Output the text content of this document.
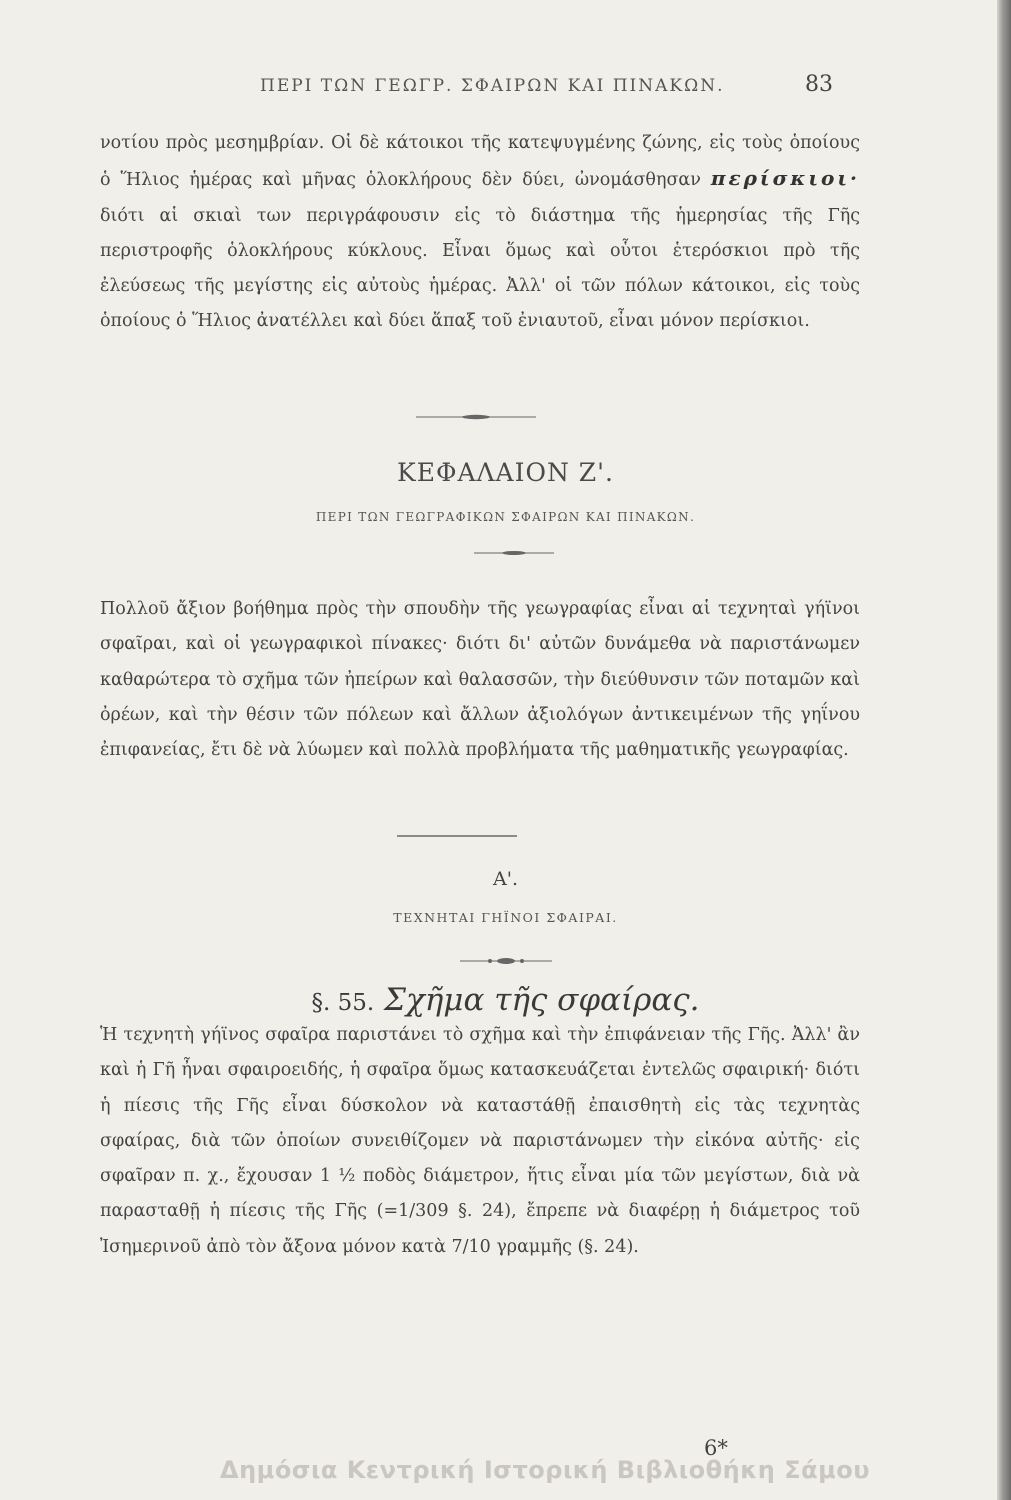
ΠΕΡΙ ΤΩΝ ΓΕΩΓΡ. ΣΦΑΙΡΩΝ ΚΑΙ ΠΙΝΑΚΩΝ.	83

νοτίου πρὸς μεσημβρίαν. Οἱ δὲ κάτοικοι τῆς κατεψυγμένης ζώνης, εἰς τοὺς ὁποίους ὁ Ἥλιος ἡμέρας καὶ μῆνας ὁλοκλήρους δὲν δύει, ὠνομάσθησαν περίσκιοι· διότι αἱ σκιαὶ των περιγράφουσιν εἰς τὸ διάστημα τῆς ἡμερησίας τῆς Γῆς περιστροφῆς ὁλοκλήρους κύκλους. Εἶναι ὅμως καὶ οὗτοι ἑτερόσκιοι πρὸ τῆς ἐλεύσεως τῆς μεγίστης εἰς αὐτοὺς ἡμέρας. Ἀλλ' οἱ τῶν πόλων κάτοικοι, εἰς τοὺς ὁποίους ὁ Ἥλιος ἀνατέλλει καὶ δύει ἅπαξ τοῦ ἐνιαυτοῦ, εἶναι μόνον περίσκιοι.

ΚΕΦΑΛΑΙΟΝ Ζ'.
ΠΕΡΙ ΤΩΝ ΓΕΩΓΡΑΦΙΚΩΝ ΣΦΑΙΡΩΝ ΚΑΙ ΠΙΝΑΚΩΝ.

Πολλοῦ ἄξιον βοήθημα πρὸς τὴν σπουδὴν τῆς γεωγραφίας εἶναι αἱ τεχνηταὶ γήϊνοι σφαῖραι, καὶ οἱ γεωγραφικοὶ πίνακες· διότι δι' αὐτῶν δυνάμεθα νὰ παριστάνωμεν καθαρώτερα τὸ σχῆμα τῶν ἠπείρων καὶ θαλασσῶν, τὴν διεύθυνσιν τῶν ποταμῶν καὶ ὀρέων, καὶ τὴν θέσιν τῶν πόλεων καὶ ἄλλων ἀξιολόγων ἀντικειμένων τῆς γηΐνου ἐπιφανείας, ἔτι δὲ νὰ λύωμεν καὶ πολλὰ προβλήματα τῆς μαθηματικῆς γεωγραφίας.

Α'.
ΤΕΧΝΗΤΑΙ ΓΗΪΝΟΙ ΣΦΑΙΡΑΙ.
§. 55. Σχῆμα τῆς σφαίρας.

Ἡ τεχνητὴ γήϊνος σφαῖρα παριστάνει τὸ σχῆμα καὶ τὴν ἐπιφάνειαν τῆς Γῆς. Ἀλλ' ἂν καὶ ἡ Γῆ ἦναι σφαιροειδής, ἡ σφαῖρα ὅμως κατασκευάζεται ἐντελῶς σφαιρική· διότι ἡ πίεσις τῆς Γῆς εἶναι δύσκολον νὰ καταστάθῇ ἐπαισθητὴ εἰς τὰς τεχνητὰς σφαίρας, διὰ τῶν ὁποίων συνειθίζομεν νὰ παριστάνωμεν τὴν εἰκόνα αὐτῆς· εἰς σφαῖραν π. χ., ἔχουσαν 1 ½ ποδὸς διάμετρον, ἥτις εἶναι μία τῶν μεγίστων, διὰ νὰ παρασταθῇ ἡ πίεσις τῆς Γῆς (=1/309 §. 24), ἔπρεπε νὰ διαφέρῃ ἡ διάμετρος τοῦ Ἰσημερινοῦ ἀπὸ τὸν ἄξονα μόνον κατὰ 7/10 γραμμῆς (§. 24).

6*
Δημόσια Κεντρική Ιστορική Βιβλιοθήκη Σάμου
